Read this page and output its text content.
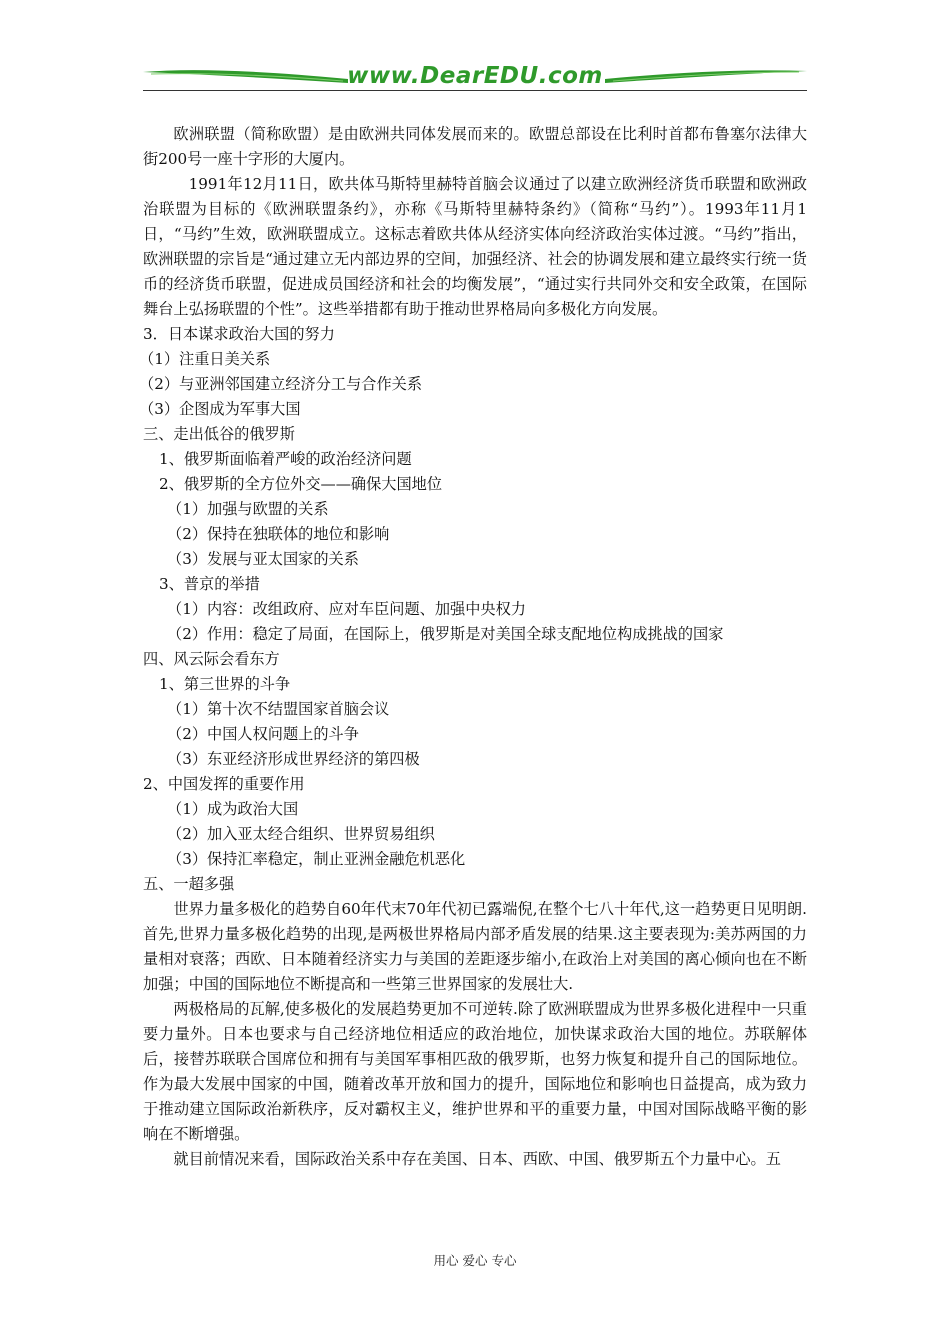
www.DearEDU.com

欧洲联盟（简称欧盟）是由欧洲共同体发展而来的。欧盟总部设在比利时首都布鲁塞尔法律大街200号一座十字形的大厦内。

1991年12月11日，欧共体马斯特里赫特首脑会议通过了以建立欧洲经济货币联盟和欧洲政治联盟为目标的《欧洲联盟条约》，亦称《马斯特里赫特条约》（简称“马约”）。1993年11月1日，“马约”生效，欧洲联盟成立。这标志着欧共体从经济实体向经济政治实体过渡。“马约”指出，欧洲联盟的宗旨是“通过建立无内部边界的空间，加强经济、社会的协调发展和建立最终实行统一货币的经济货币联盟，促进成员国经济和社会的均衡发展”，“通过实行共同外交和安全政策，在国际舞台上弘扬联盟的个性”。这些举措都有助于推动世界格局向多极化方向发展。

3．日本谋求政治大国的努力

（1）注重日美关系

（2）与亚洲邻国建立经济分工与合作关系

（3）企图成为军事大国

三、走出低谷的俄罗斯

1、俄罗斯面临着严峻的政治经济问题

2、俄罗斯的全方位外交——确保大国地位

（1）加强与欧盟的关系

（2）保持在独联体的地位和影响

（3）发展与亚太国家的关系

3、普京的举措

（1）内容：改组政府、应对车臣问题、加强中央权力

（2）作用：稳定了局面，在国际上，俄罗斯是对美国全球支配地位构成挑战的国家

四、风云际会看东方

1、第三世界的斗争

（1）第十次不结盟国家首脑会议

（2）中国人权问题上的斗争

（3）东亚经济形成世界经济的第四极

2、中国发挥的重要作用

（1）成为政治大国

（2）加入亚太经合组织、世界贸易组织

（3）保持汇率稳定，制止亚洲金融危机恶化

五、一超多强

世界力量多极化的趋势自60年代末70年代初已露端倪,在整个七八十年代,这一趋势更日见明朗.首先,世界力量多极化趋势的出现,是两极世界格局内部矛盾发展的结果.这主要表现为:美苏两国的力量相对衰落；西欧、日本随着经济实力与美国的差距逐步缩小,在政治上对美国的离心倾向也在不断加强；中国的国际地位不断提高和一些第三世界国家的发展壮大.

两极格局的瓦解,使多极化的发展趋势更加不可逆转.除了欧洲联盟成为世界多极化进程中一只重要力量外。日本也要求与自己经济地位相适应的政治地位，加快谋求政治大国的地位。苏联解体后，接替苏联联合国席位和拥有与美国军事相匹敌的俄罗斯，也努力恢复和提升自己的国际地位。作为最大发展中国家的中国，随着改革开放和国力的提升，国际地位和影响也日益提高，成为致力于推动建立国际政治新秩序，反对霸权主义，维护世界和平的重要力量，中国对国际战略平衡的影响在不断增强。

就目前情况来看，国际政治关系中存在美国、日本、西欧、中国、俄罗斯五个力量中心。五

用心 爱心 专心
